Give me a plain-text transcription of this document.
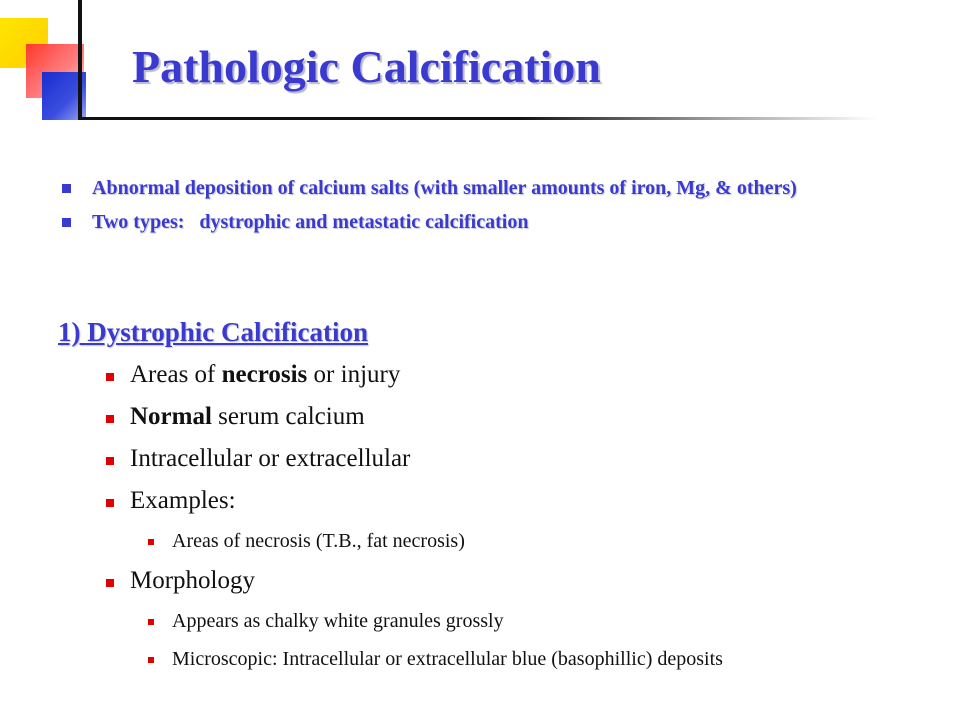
Pathologic Calcification
Abnormal deposition of calcium salts (with smaller amounts of iron, Mg, & others)
Two types:   dystrophic and metastatic calcification
1) Dystrophic Calcification
Areas of necrosis or injury
Normal serum calcium
Intracellular or extracellular
Examples:
Areas of necrosis (T.B., fat necrosis)
Morphology
Appears as chalky white granules grossly
Microscopic: Intracellular or extracellular blue (basophillic) deposits
